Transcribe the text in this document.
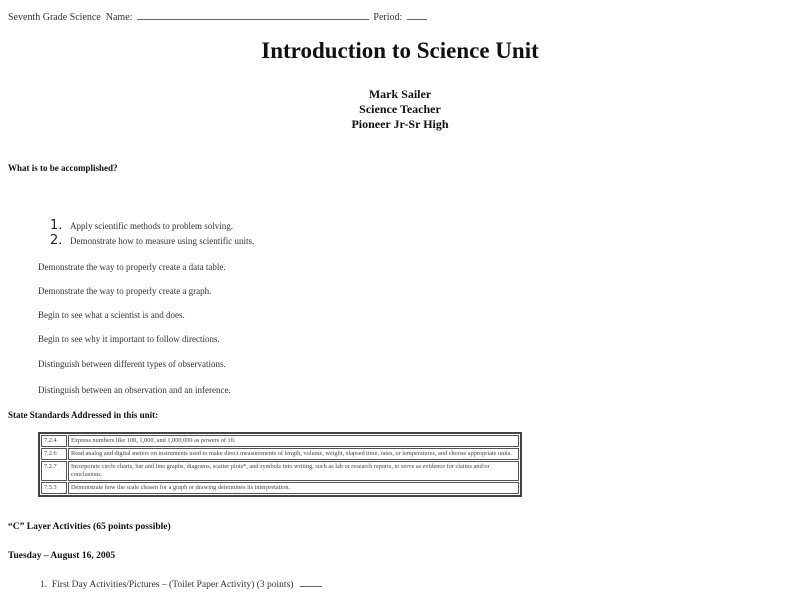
Seventh Grade Science Name:	Period:
Introduction to Science Unit
Mark Sailer
Science Teacher
Pioneer Jr-Sr High
What is to be accomplished?
1. Apply scientific methods to problem solving.
2. Demonstrate how to measure using scientific units.
Demonstrate the way to properly create a data table.
Demonstrate the way to properly create a graph.
Begin to see what a scientist is and does.
Begin to see why it important to follow directions.
Distinguish between different types of observations.
Distinguish between an observation and an inference.
State Standards Addressed in this unit:
7.2.4	Express numbers like 100, 1,000, and 1,000,000 as powers of 10.
7.2.6	Read analog and digital meters on instruments used to make direct measurements of length, volume, weight, elapsed time, rates, or temperatures, and choose appropriate units.
7.2.7	Incorporate circle charts, bar and line graphs, diagrams, scatter plots*, and symbols into writing, such as lab or research reports, to serve as evidence for claims and/or conclusions.
7.5.3	Demonstrate how the scale chosen for a graph or drawing determines its interpretation.
“C” Layer Activities (65 points possible)
Tuesday – August 16, 2005
1. First Day Activities/Pictures – (Toilet Paper Activity) (3 points)
